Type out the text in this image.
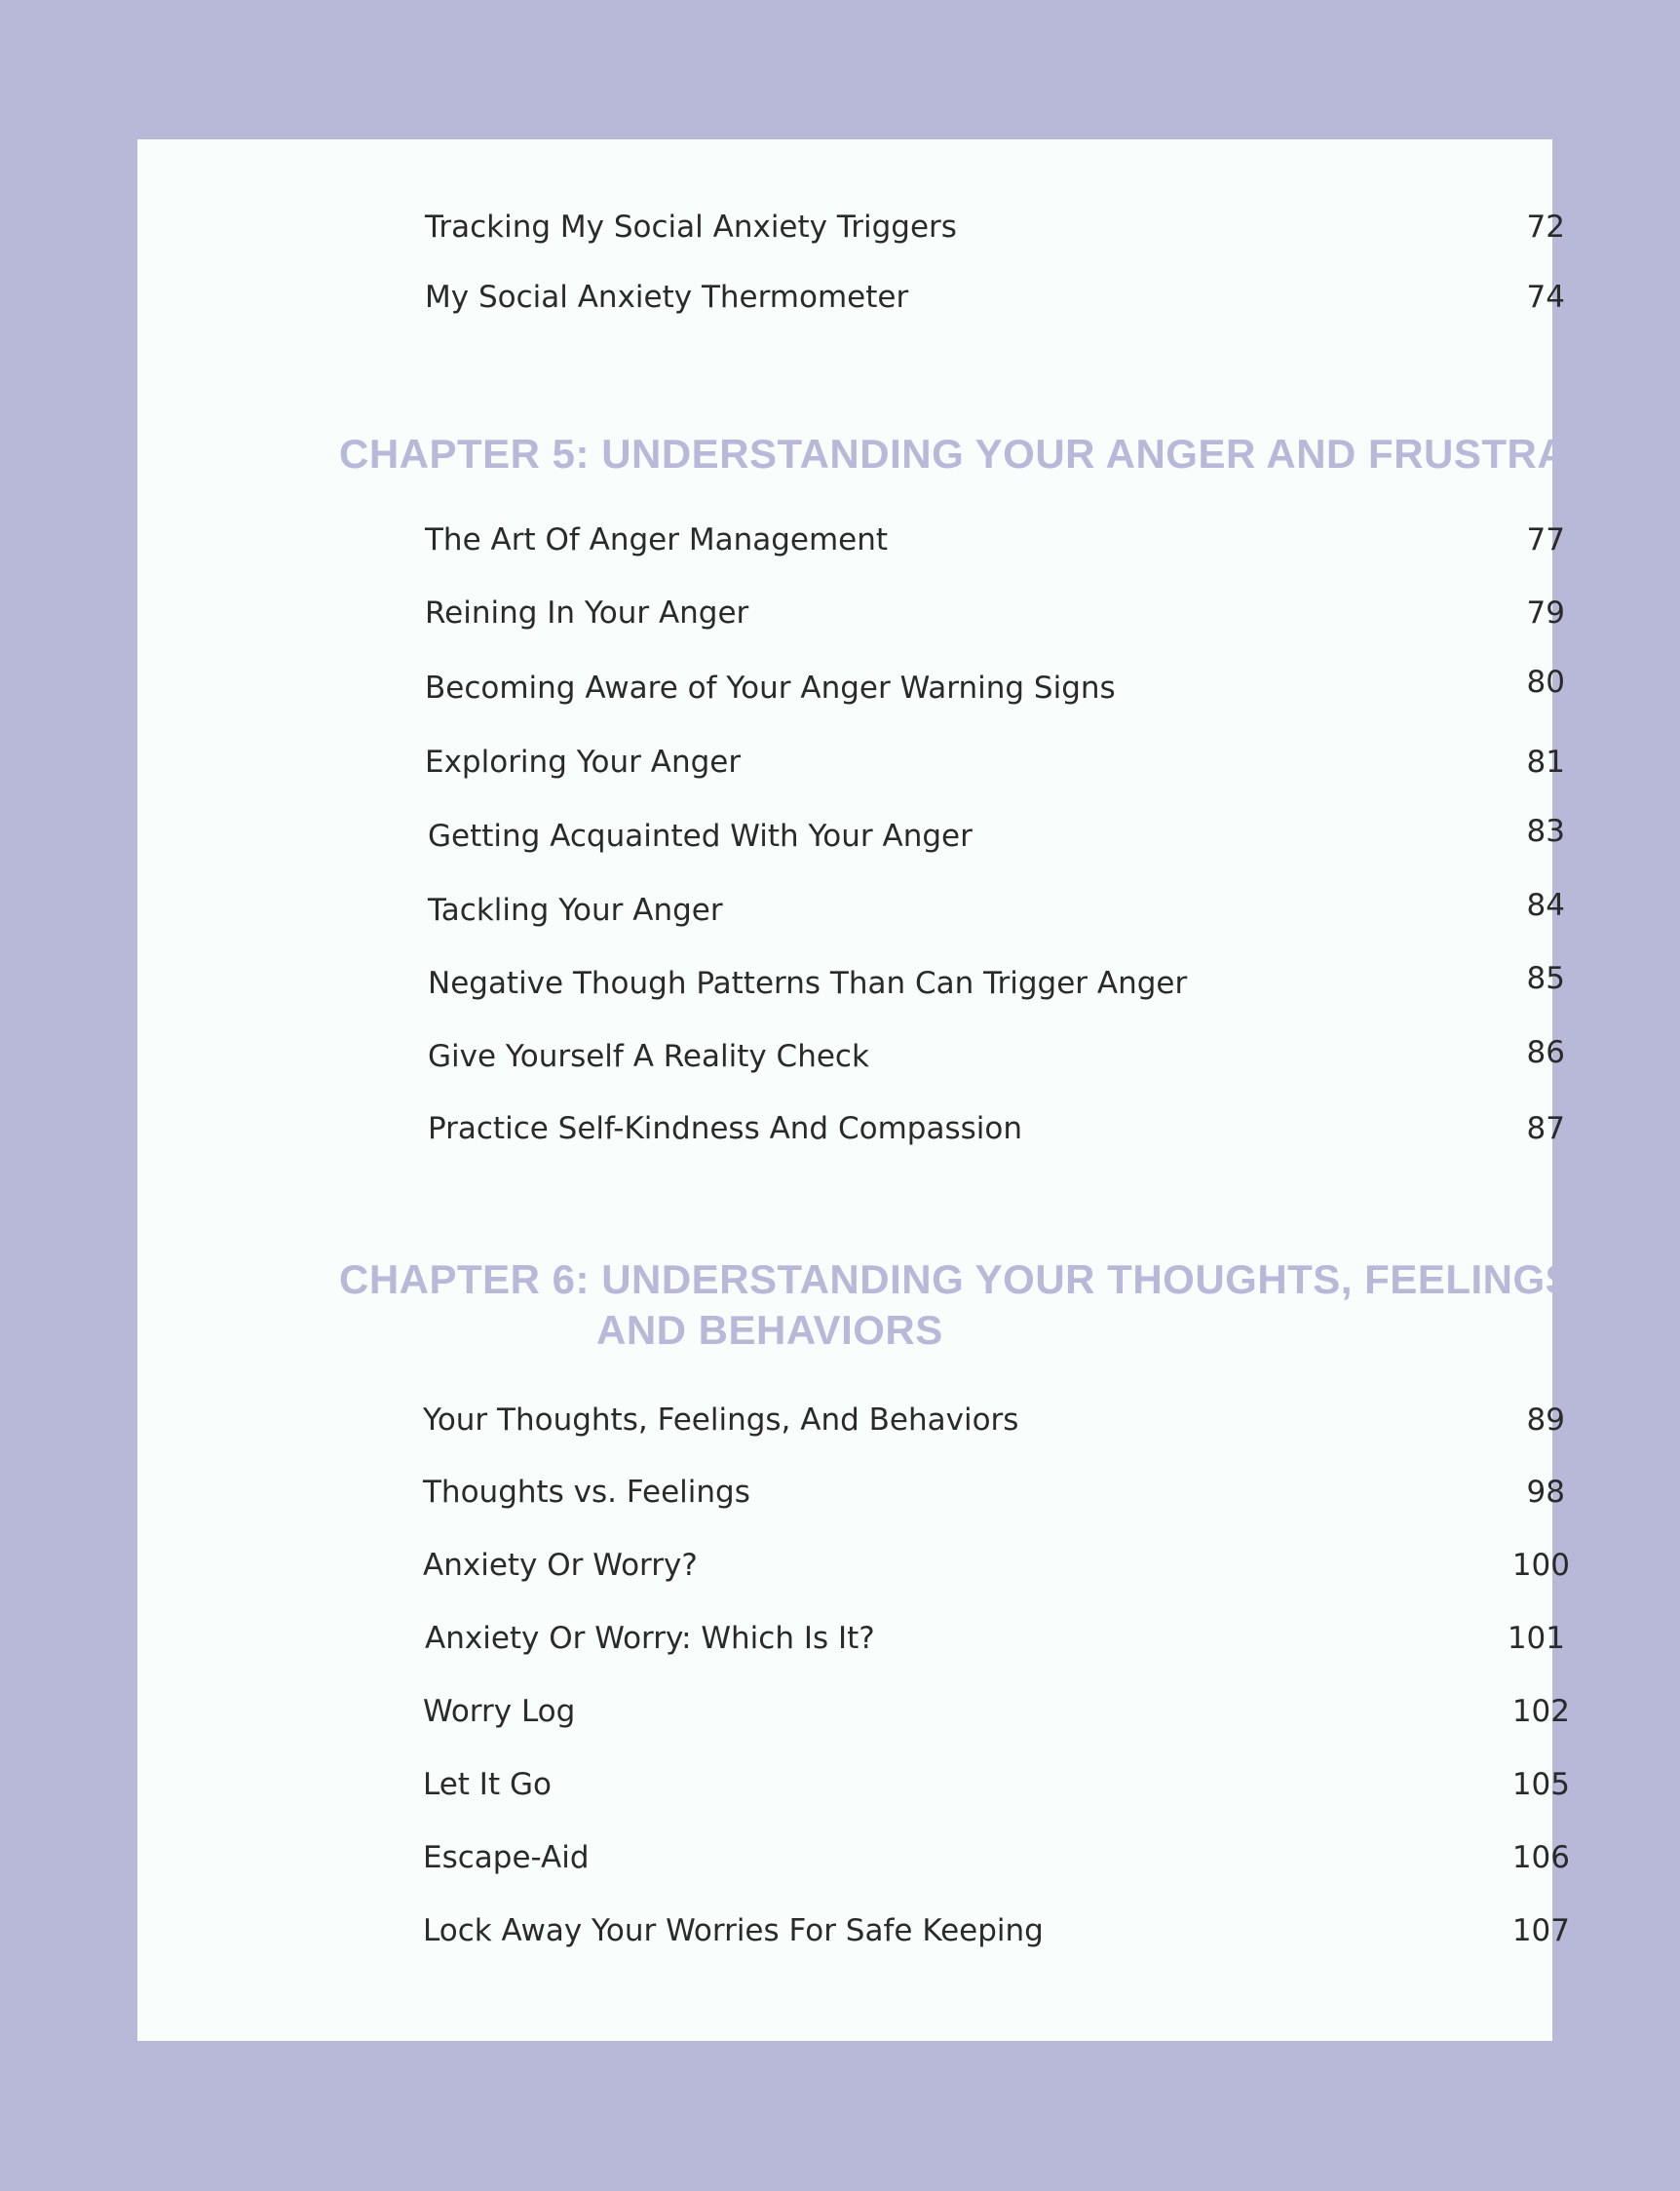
Tracking My Social Anxiety Triggers	72
My Social Anxiety Thermometer	74
CHAPTER 5: UNDERSTANDING YOUR ANGER AND FRUSTRATION
The Art Of Anger Management	77
Reining In Your Anger	79
Becoming Aware of Your Anger Warning Signs	80
Exploring Your Anger	81
Getting Acquainted With Your Anger	83
Tackling Your Anger	84
Negative Though Patterns Than Can Trigger Anger	85
Give Yourself A Reality Check	86
Practice Self-Kindness And Compassion	87
CHAPTER 6: UNDERSTANDING YOUR THOUGHTS, FEELINGS,
AND BEHAVIORS
Your Thoughts, Feelings, And Behaviors	89
Thoughts vs. Feelings	98
Anxiety Or Worry?	100
Anxiety Or Worry: Which Is It?	101
Worry Log	102
Let It Go	105
Escape-Aid	106
Lock Away Your Worries For Safe Keeping	107
